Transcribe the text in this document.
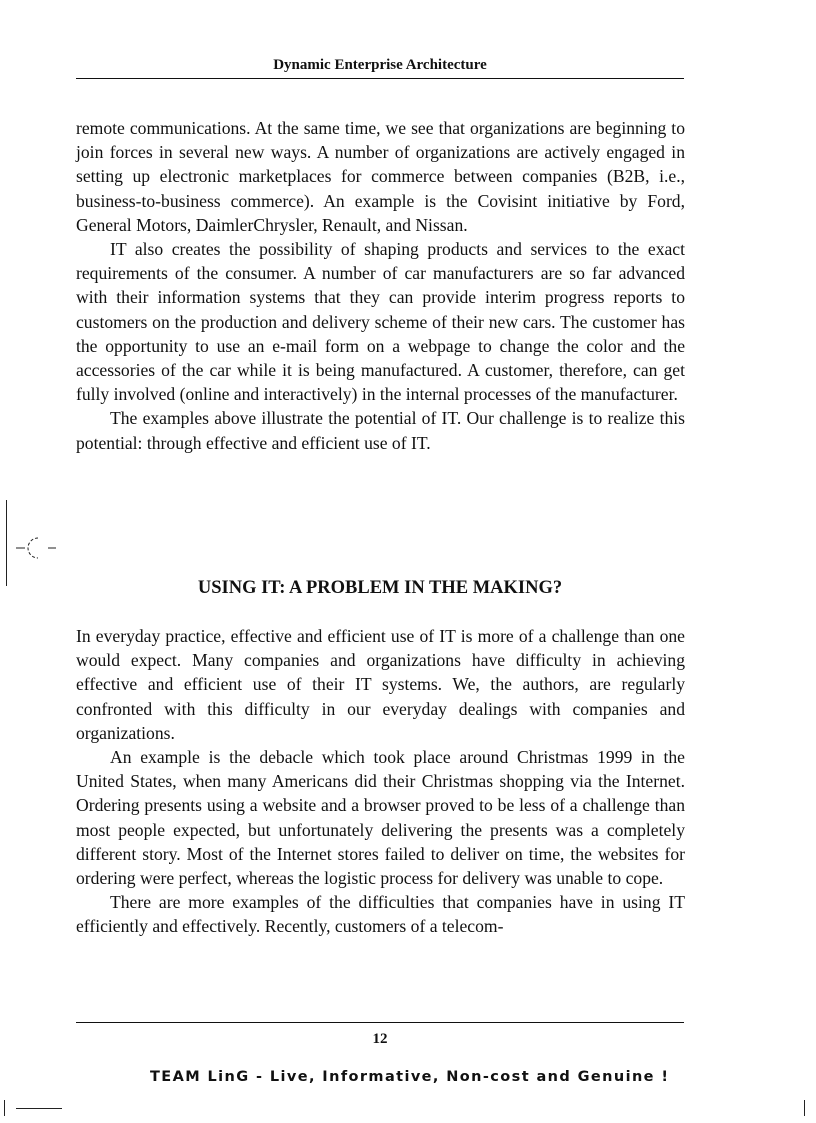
Dynamic Enterprise Architecture

remote communications. At the same time, we see that organizations are beginning to join forces in several new ways. A number of organizations are actively engaged in setting up electronic marketplaces for commerce between companies (B2B, i.e., business-to-business commerce). An example is the Covisint initiative by Ford, General Motors, DaimlerChrysler, Renault, and Nissan.

IT also creates the possibility of shaping products and services to the exact requirements of the consumer. A number of car manufacturers are so far advanced with their information systems that they can provide interim progress reports to customers on the production and delivery scheme of their new cars. The customer has the opportunity to use an e-mail form on a webpage to change the color and the accessories of the car while it is being manufactured. A customer, therefore, can get fully involved (online and interactively) in the internal processes of the manufacturer.

The examples above illustrate the potential of IT. Our challenge is to realize this potential: through effective and efficient use of IT.

USING IT: A PROBLEM IN THE MAKING?

In everyday practice, effective and efficient use of IT is more of a challenge than one would expect. Many companies and organizations have difficulty in achieving effective and efficient use of their IT systems. We, the authors, are regularly confronted with this difficulty in our everyday dealings with companies and organizations.

An example is the debacle which took place around Christmas 1999 in the United States, when many Americans did their Christmas shopping via the Internet. Ordering presents using a website and a browser proved to be less of a challenge than most people expected, but unfortunately delivering the presents was a completely different story. Most of the Internet stores failed to deliver on time, the websites for ordering were perfect, whereas the logistic process for delivery was unable to cope.

There are more examples of the difficulties that companies have in using IT efficiently and effectively. Recently, customers of a telecom-

12
TEAM LinG - Live, Informative, Non-cost and Genuine !
